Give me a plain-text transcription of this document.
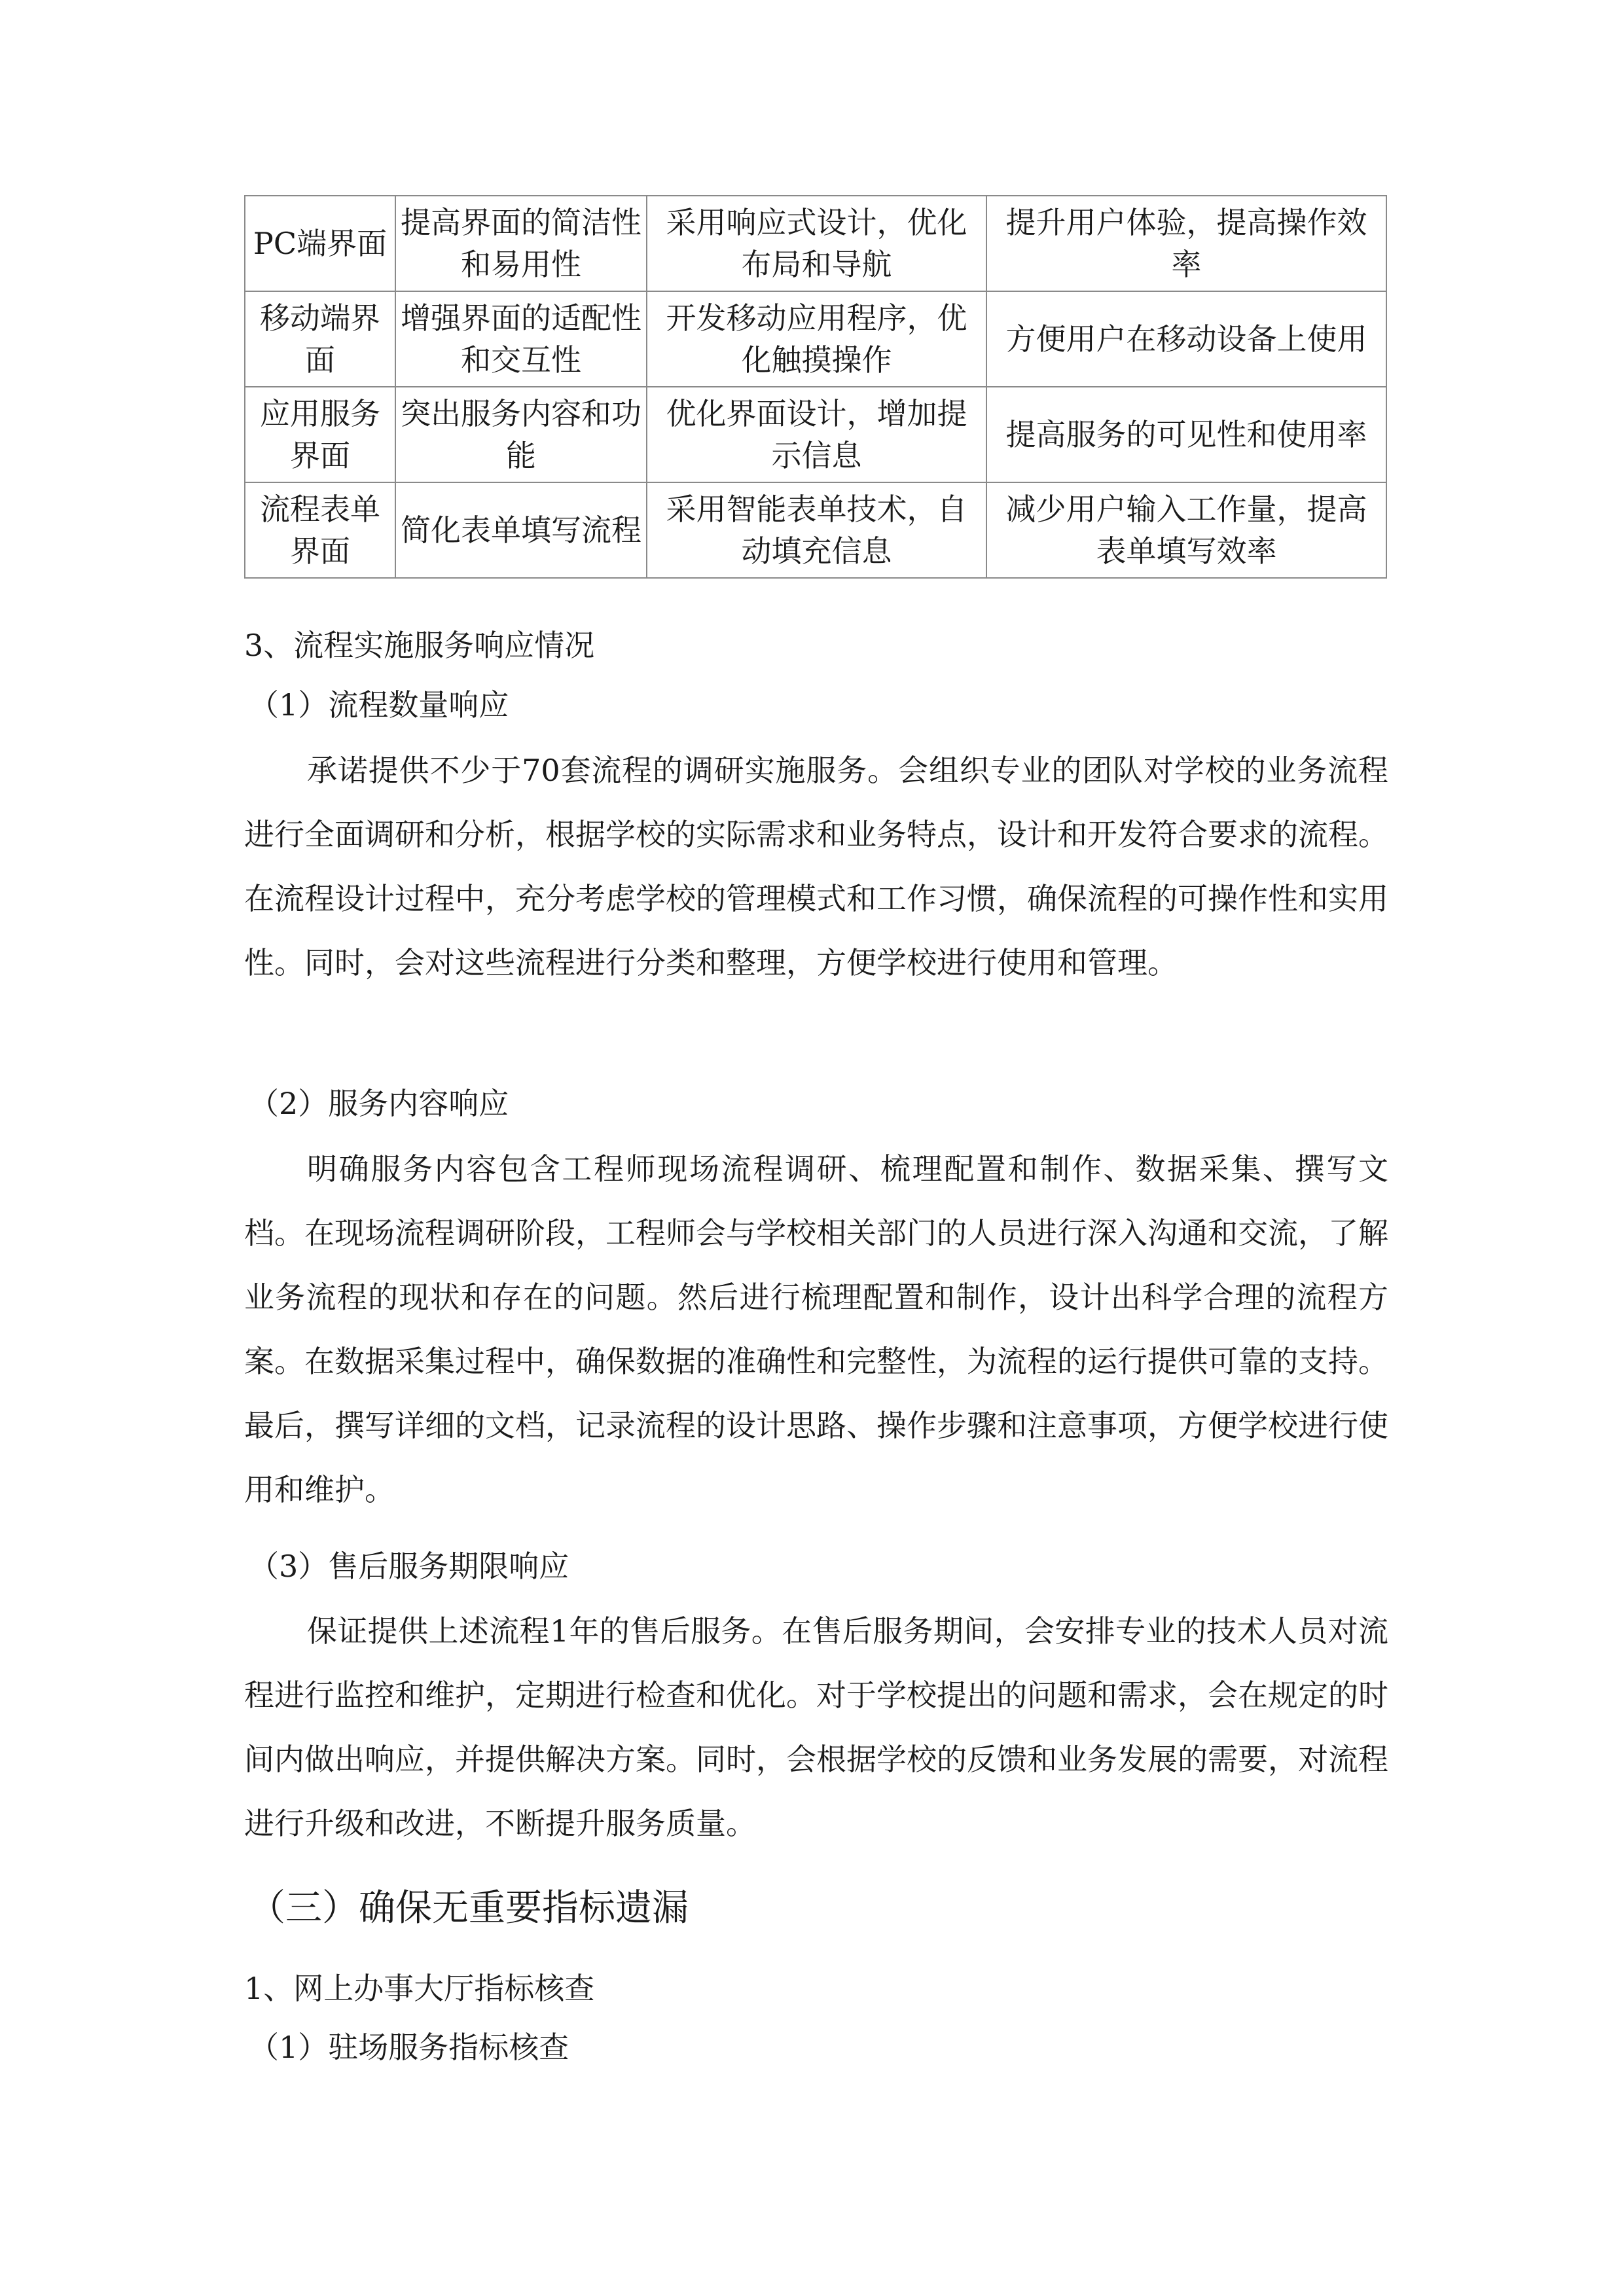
PC端界面	提高界面的简洁性和易用性	采用响应式设计，优化布局和导航	提升用户体验，提高操作效率
移动端界面	增强界面的适配性和交互性	开发移动应用程序，优化触摸操作	方便用户在移动设备上使用
应用服务界面	突出服务内容和功能	优化界面设计，增加提示信息	提高服务的可见性和使用率
流程表单界面	简化表单填写流程	采用智能表单技术，自动填充信息	减少用户输入工作量，提高表单填写效率
3、流程实施服务响应情况
（1）流程数量响应

承诺提供不少于70套流程的调研实施服务。会组织专业的团队对学校的业务流程进行全面调研和分析，根据学校的实际需求和业务特点，设计和开发符合要求的流程。在流程设计过程中，充分考虑学校的管理模式和工作习惯，确保流程的可操作性和实用性。同时，会对这些流程进行分类和整理，方便学校进行使用和管理。

（2）服务内容响应

明确服务内容包含工程师现场流程调研、梳理配置和制作、数据采集、撰写文档。在现场流程调研阶段，工程师会与学校相关部门的人员进行深入沟通和交流，了解业务流程的现状和存在的问题。然后进行梳理配置和制作，设计出科学合理的流程方案。在数据采集过程中，确保数据的准确性和完整性，为流程的运行提供可靠的支持。最后，撰写详细的文档，记录流程的设计思路、操作步骤和注意事项，方便学校进行使用和维护。

（3）售后服务期限响应

保证提供上述流程1年的售后服务。在售后服务期间，会安排专业的技术人员对流程进行监控和维护，定期进行检查和优化。对于学校提出的问题和需求，会在规定的时间内做出响应，并提供解决方案。同时，会根据学校的反馈和业务发展的需要，对流程进行升级和改进，不断提升服务质量。

（三）确保无重要指标遗漏
1、网上办事大厅指标核查
（1）驻场服务指标核查
